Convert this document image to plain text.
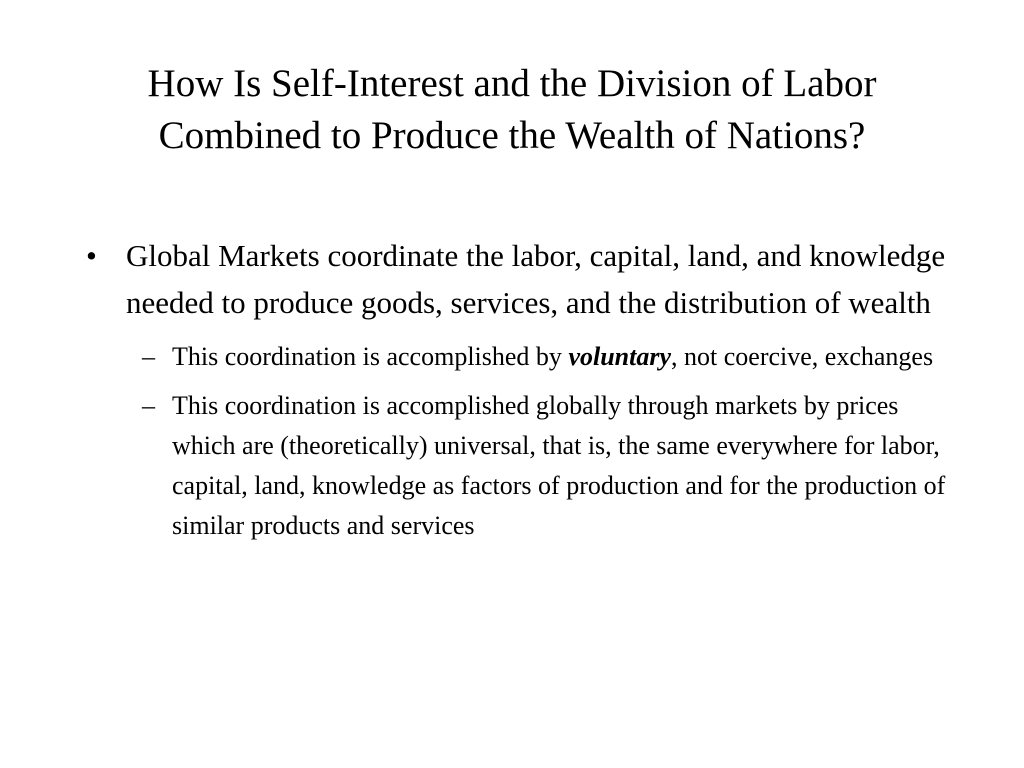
How Is Self-Interest and the Division of Labor Combined to Produce the Wealth of Nations?
• Global Markets coordinate the labor, capital, land, and knowledge needed to produce goods, services, and the distribution of wealth
– This coordination is accomplished by voluntary, not coercive, exchanges
– This coordination is accomplished globally through markets by prices which are (theoretically) universal, that is, the same everywhere for labor, capital, land, knowledge as factors of production and for the production of similar products and services
